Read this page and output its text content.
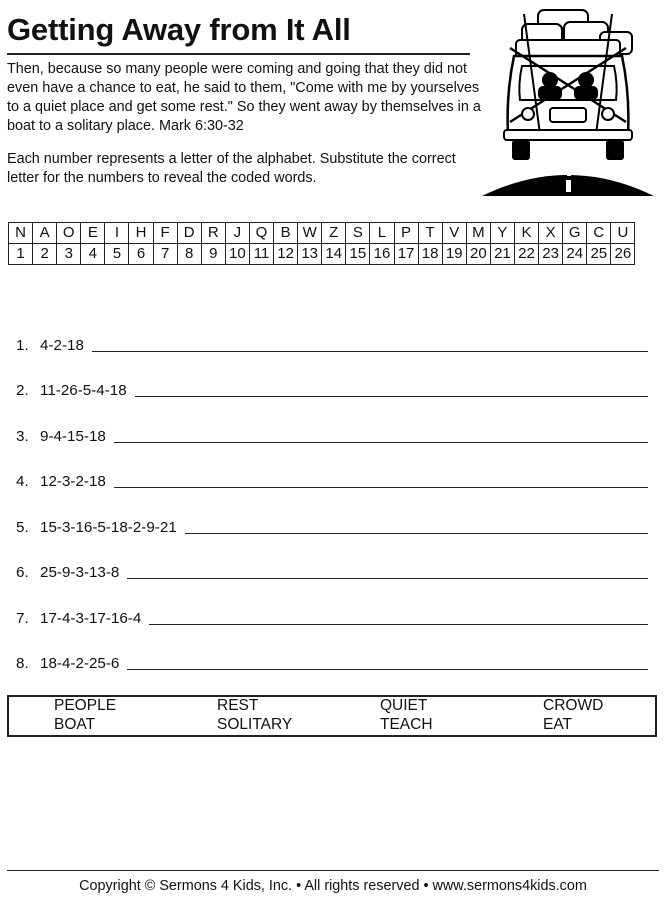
Getting Away from It All

Then, because so many people were coming and going that they did not even have a chance to eat, he said to them, "Come with me by yourselves to a quiet place and get some rest." So they went away by themselves in a boat to a solitary place. Mark 6:30-32

Each number represents a letter of the alphabet. Substitute the correct letter for the numbers to reveal the coded words.

N	A	O	E	I	H	F	D	R	J	Q	B	W	Z	S	L	P	T	V	M	Y	K	X	G	C	U
1	2	3	4	5	6	7	8	9	10	11	12	13	14	15	16	17	18	19	20	21	22	23	24	25	26
1. 4-2-18
2. 11-26-5-4-18
3. 9-4-15-18
4. 12-3-2-18
5. 15-3-16-5-18-2-9-21
6. 25-9-3-13-8
7. 17-4-3-17-16-4
8. 18-4-2-25-6
PEOPLE	REST	QUIET	CROWD
BOAT	SOLITARY	TEACH	EAT
Copyright © Sermons 4 Kids, Inc. • All rights reserved • www.sermons4kids.com
